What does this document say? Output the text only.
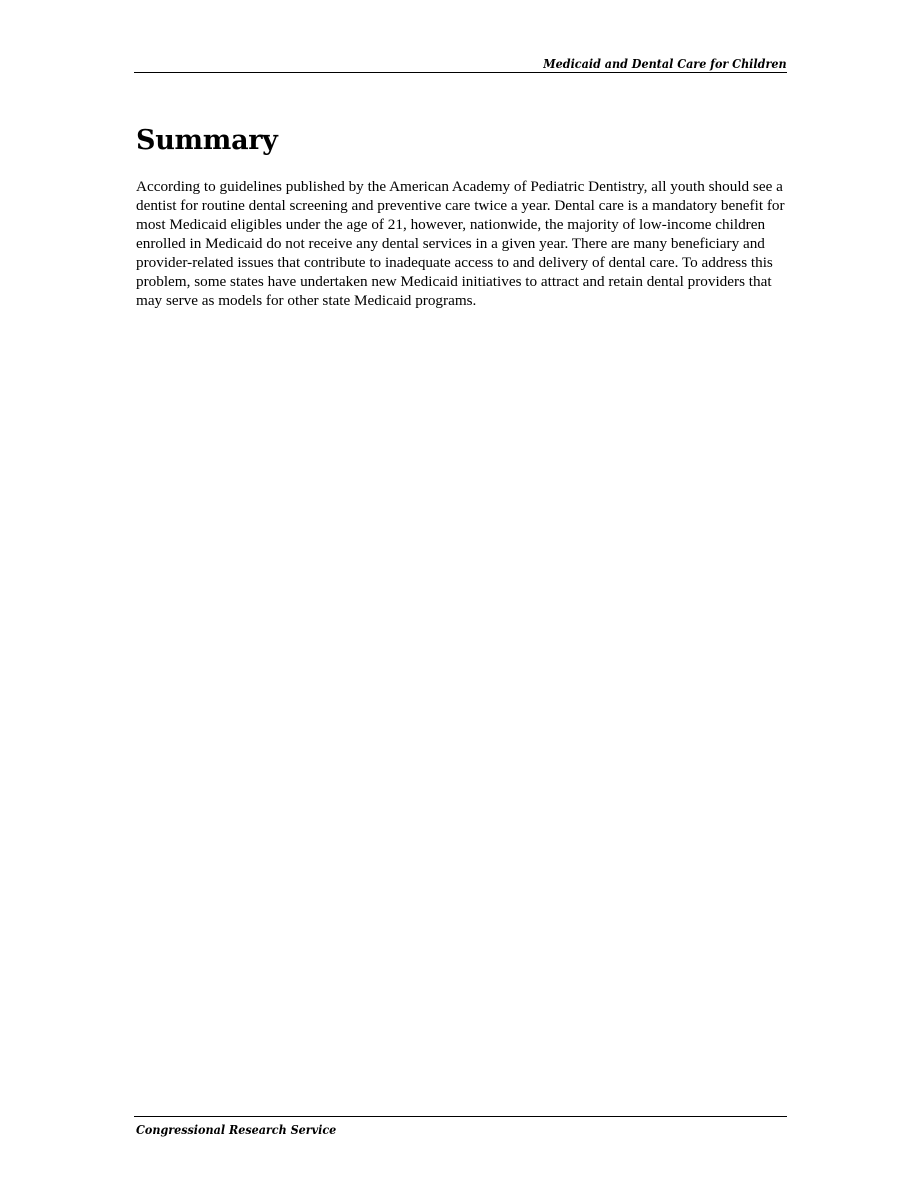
Medicaid and Dental Care for Children
Summary

According to guidelines published by the American Academy of Pediatric Dentistry, all youth should see a dentist for routine dental screening and preventive care twice a year. Dental care is a mandatory benefit for most Medicaid eligibles under the age of 21, however, nationwide, the majority of low-income children enrolled in Medicaid do not receive any dental services in a given year. There are many beneficiary and provider-related issues that contribute to inadequate access to and delivery of dental care. To address this problem, some states have undertaken new Medicaid initiatives to attract and retain dental providers that may serve as models for other state Medicaid programs.

Congressional Research Service
